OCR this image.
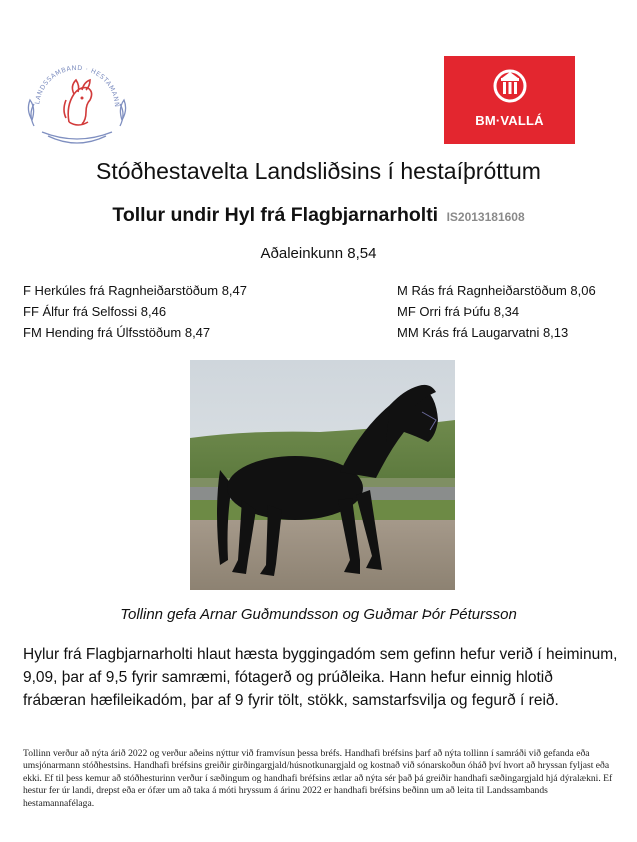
LANDSSAMBAND · HESTAMANN
BM·VALLÁ
Stóðhestavelta Landsliðsins í hestaíþróttum
Tollur undir Hyl frá Flagbjarnarholti IS2013181608
Aðaleinkunn 8,54
F Herkúles frá Ragnheiðarstöðum 8,47
FF Álfur frá Selfossi 8,46
FM Hending frá Úlfsstöðum 8,47
M Rás frá Ragnheiðarstöðum 8,06
MF Orri frá Þúfu 8,34
MM Krás frá Laugarvatni 8,13
Tollinn gefa Arnar Guðmundsson og Guðmar Þór Pétursson
Hylur frá Flagbjarnarholti hlaut hæsta byggingadóm sem gefinn hefur verið í heiminum, 9,09, þar af 9,5 fyrir samræmi, fótagerð og prúðleika. Hann hefur einnig hlotið frábæran hæfileikadóm, þar af 9 fyrir tölt, stökk, samstarfsvilja og fegurð í reið.
Tollinn verður að nýta árið 2022 og verður aðeins nýttur við framvísun þessa bréfs. Handhafi bréfsins þarf að nýta tollinn í samráði við gefanda eða umsjónarmann stóðhestsins. Handhafi bréfsins greiðir girðingargjald/húsnotkunargjald og kostnað við sónarskoðun óháð því hvort að hryssan fyljast eða ekki. Ef til þess kemur að stóðhesturinn verður í sæðingum og handhafi bréfsins ætlar að nýta sér það þá greiðir handhafi sæðingargjald hjá dýralækni. Ef hestur fer úr landi, drepst eða er ófær um að taka á móti hryssum á árinu 2022 er handhafi bréfsins beðinn um að leita til Landssambands hestamannafélaga.
